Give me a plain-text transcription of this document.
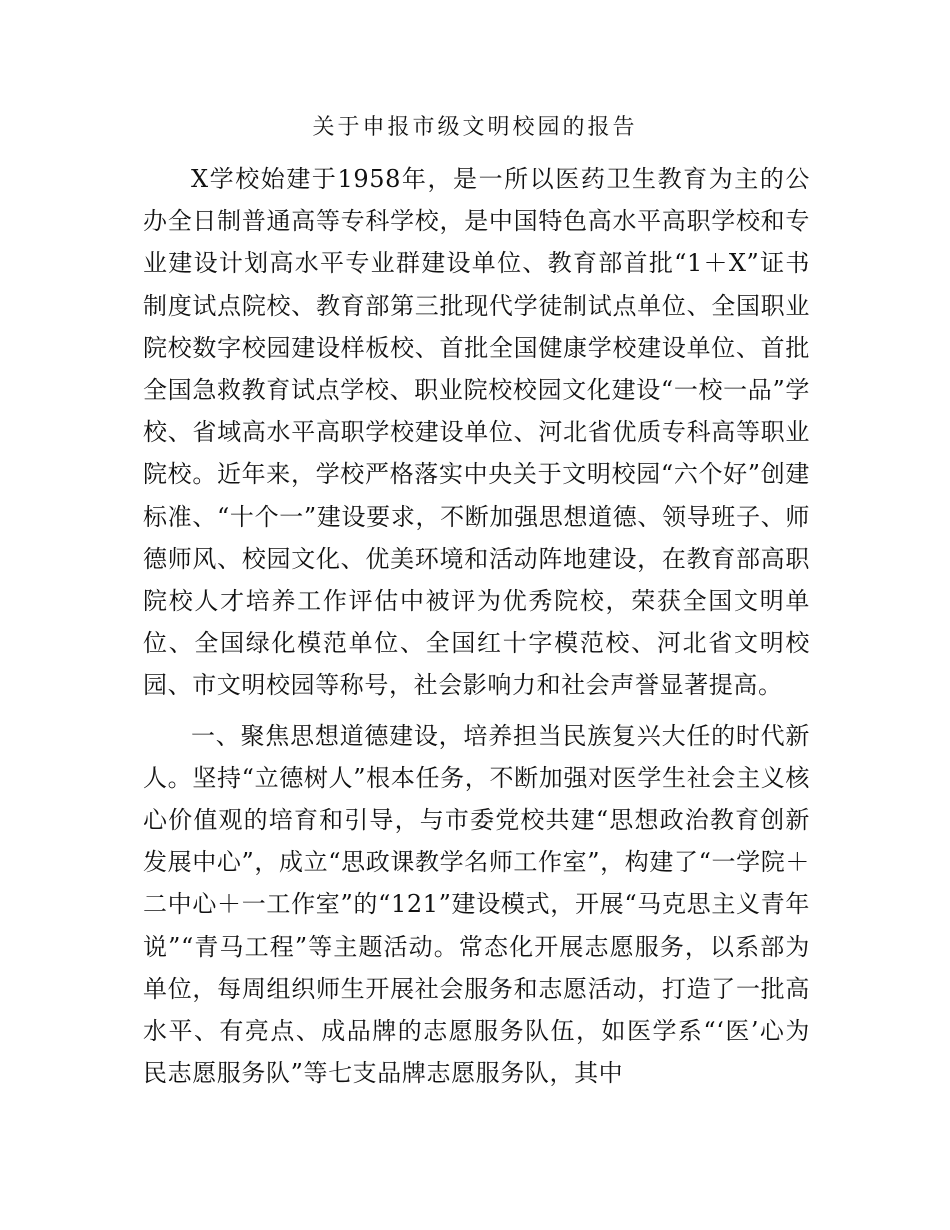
关于申报市级文明校园的报告

X学校始建于1958年，是一所以医药卫生教育为主的公办全日制普通高等专科学校，是中国特色高水平高职学校和专业建设计划高水平专业群建设单位、教育部首批“1＋X”证书制度试点院校、教育部第三批现代学徒制试点单位、全国职业院校数字校园建设样板校、首批全国健康学校建设单位、首批全国急救教育试点学校、职业院校校园文化建设“一校一品”学校、省域高水平高职学校建设单位、河北省优质专科高等职业院校。近年来，学校严格落实中央关于文明校园“六个好”创建标准、“十个一”建设要求，不断加强思想道德、领导班子、师德师风、校园文化、优美环境和活动阵地建设，在教育部高职院校人才培养工作评估中被评为优秀院校，荣获全国文明单位、全国绿化模范单位、全国红十字模范校、河北省文明校园、市文明校园等称号，社会影响力和社会声誉显著提高。

一、聚焦思想道德建设，培养担当民族复兴大任的时代新人。坚持“立德树人”根本任务，不断加强对医学生社会主义核心价值观的培育和引导，与市委党校共建“思想政治教育创新发展中心”，成立“思政课教学名师工作室”，构建了“一学院＋二中心＋一工作室”的“121”建设模式，开展“马克思主义青年说”“青马工程”等主题活动。常态化开展志愿服务，以系部为单位，每周组织师生开展社会服务和志愿活动，打造了一批高水平、有亮点、成品牌的志愿服务队伍，如医学系“‘医’心为民志愿服务队”等七支品牌志愿服务队，其中
